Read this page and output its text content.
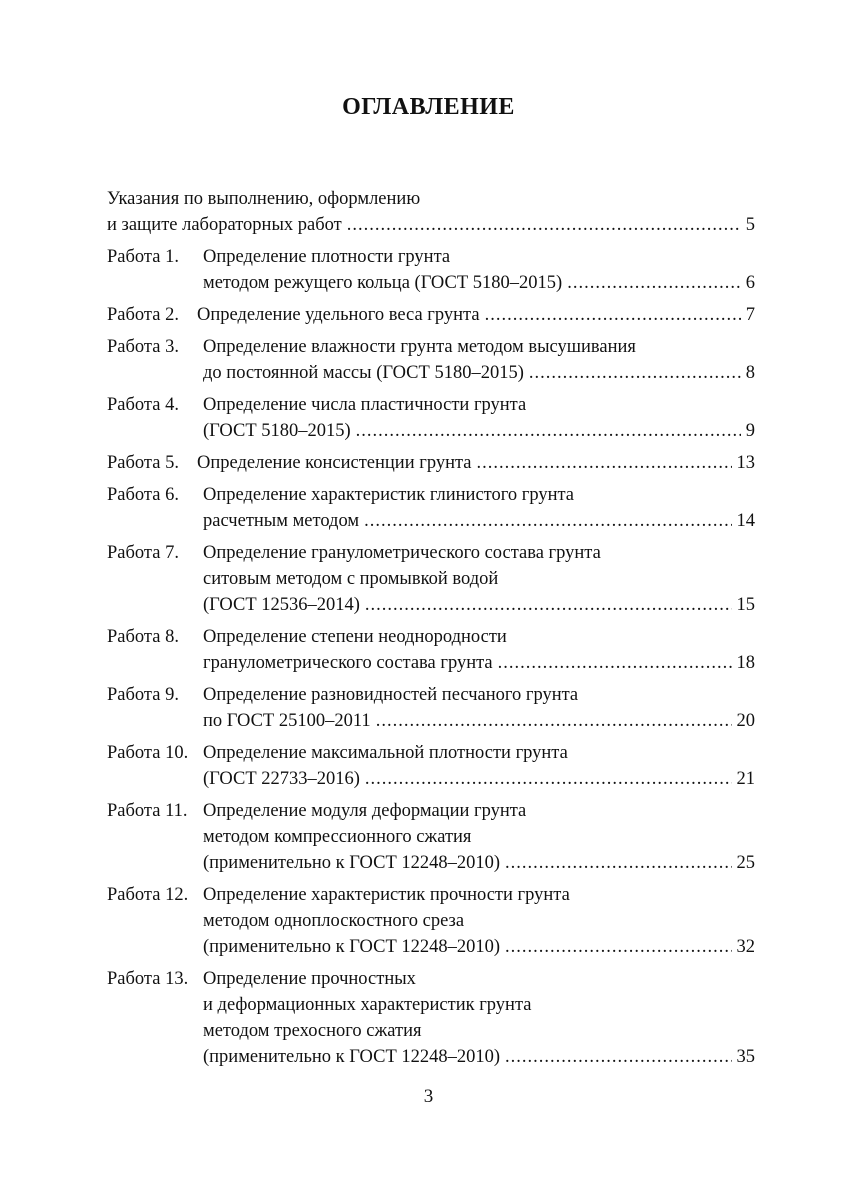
ОГЛАВЛЕНИЕ
Указания по выполнению, оформлению
и защите лабораторных работ .....	5
Работа 1. Определение плотности грунта
методом режущего кольца (ГОСТ 5180–2015) .....	6
Работа 2. Определение удельного веса грунта .....	7
Работа 3. Определение влажности грунта методом высушивания
до постоянной массы (ГОСТ 5180–2015) .....	8
Работа 4. Определение числа пластичности грунта
(ГОСТ 5180–2015) .....	9
Работа 5. Определение консистенции грунта .....	13
Работа 6. Определение характеристик глинистого грунта
расчетным методом .....	14
Работа 7. Определение гранулометрического состава грунта
ситовым методом с промывкой водой
(ГОСТ 12536–2014) .....	15
Работа 8. Определение степени неоднородности
гранулометрического состава грунта .....	18
Работа 9. Определение разновидностей песчаного грунта
по ГОСТ 25100–2011 .....	20
Работа 10. Определение максимальной плотности грунта
(ГОСТ 22733–2016) .....	21
Работа 11. Определение модуля деформации грунта
методом компрессионного сжатия
(применительно к ГОСТ 12248–2010) .....	25
Работа 12. Определение характеристик прочности грунта
методом одноплоскостного среза
(применительно к ГОСТ 12248–2010) .....	32
Работа 13. Определение прочностных
и деформационных характеристик грунта
методом трехосного сжатия
(применительно к ГОСТ 12248–2010) .....	35
3
